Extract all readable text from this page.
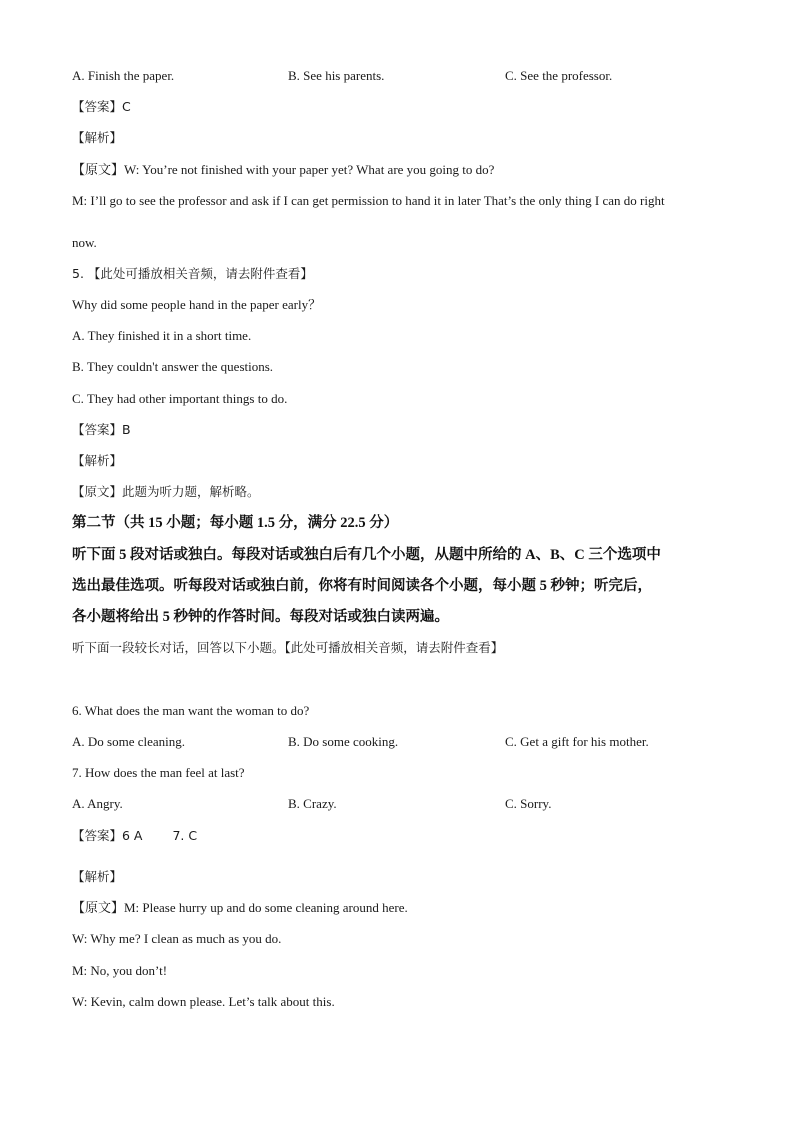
A. Finish the paper.	B. See his parents.	C. See the professor.
【答案】C
【解析】
【原文】W: You’re not finished with your paper yet? What are you going to do?
M: I’ll go to see the professor and ask if I can get permission to hand it in later That’s the only thing I can do right
now.
5. 【此处可播放相关音频，请去附件查看】
Why did some people hand in the paper early？
A. They finished it in a short time.
B. They couldn't answer the questions.
C. They had other important things to do.
【答案】B
【解析】
【原文】此题为听力题，解析略。
第二节（共 15 小题；每小题 1.5 分，满分 22.5 分）
听下面 5 段对话或独白。每段对话或独白后有几个小题，从题中所给的 A、B、C 三个选项中
选出最佳选项。听每段对话或独白前，你将有时间阅读各个小题，每小题 5 秒钟；听完后，
各小题将给出 5 秒钟的作答时间。每段对话或独白读两遍。
听下面一段较长对话，回答以下小题。【此处可播放相关音频，请去附件查看】
6. What does the man want the woman to do?
A. Do some cleaning.	B. Do some cooking.	C. Get a gift for his mother.
7. How does the man feel at last?
A. Angry.	B. Crazy.	C. Sorry.
【答案】6 A 7. C
【解析】
【原文】M: Please hurry up and do some cleaning around here.
W: Why me? I clean as much as you do.
M: No, you don’t!
W: Kevin, calm down please. Let’s talk about this.
